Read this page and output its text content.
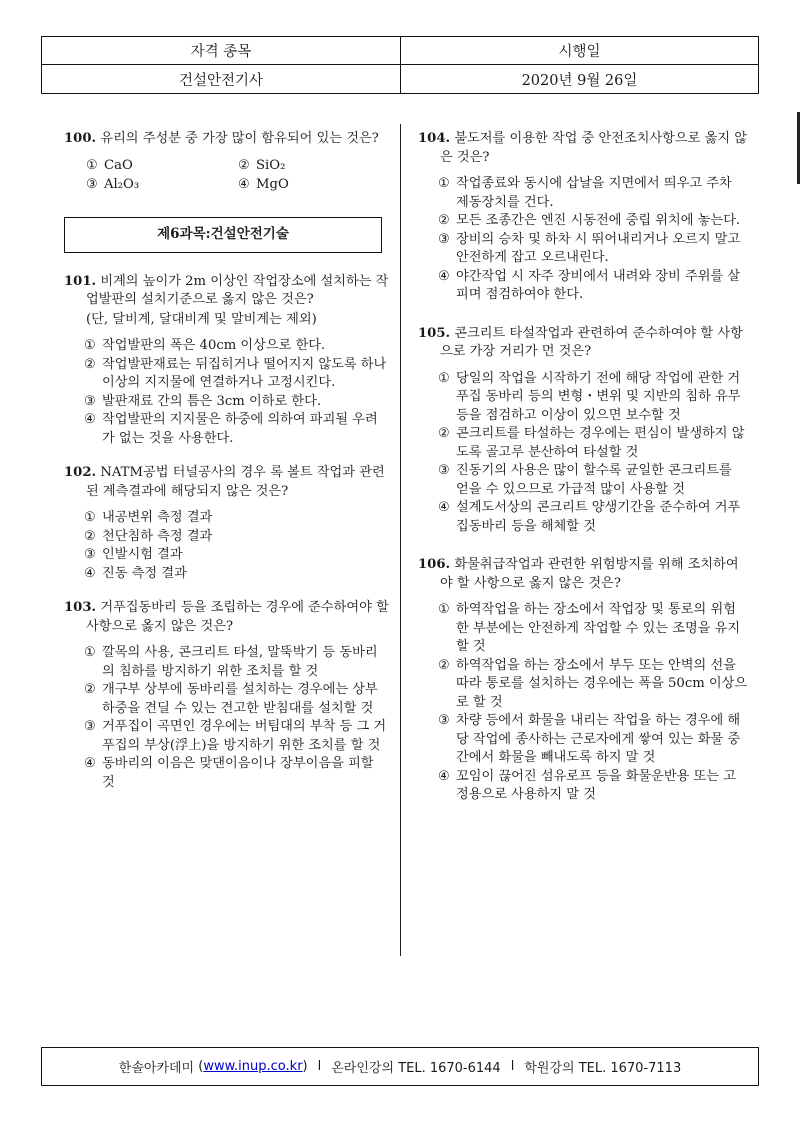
자격 종목	시행일
건설안전기사	2020년 9월 26일
100. 유리의 주성분 중 가장 많이 함유되어 있는 것은?
① CaO	② SiO₂
③ Al₂O₃	④ MgO
제6과목:건설안전기술
101. 비계의 높이가 2m 이상인 작업장소에 설치하는 작업발판의 설치기준으로 옳지 않은 것은?
(단, 달비계, 달대비계 및 말비계는 제외)
① 작업발판의 폭은 40cm 이상으로 한다.
② 작업발판재료는 뒤집히거나 떨어지지 않도록 하나 이상의 지지물에 연결하거나 고정시킨다.
③ 발판재료 간의 틈은 3cm 이하로 한다.
④ 작업발판의 지지물은 하중에 의하여 파괴될 우려가 없는 것을 사용한다.
102. NATM공법 터널공사의 경우 록 볼트 작업과 관련된 계측결과에 해당되지 않은 것은?
① 내공변위 측정 결과
② 천단침하 측정 결과
③ 인발시험 결과
④ 진동 측정 결과
103. 거푸집동바리 등을 조립하는 경우에 준수하여야 할 사항으로 옳지 않은 것은?
① 깔목의 사용, 콘크리트 타설, 말뚝박기 등 동바리의 침하를 방지하기 위한 조치를 할 것
② 개구부 상부에 동바리를 설치하는 경우에는 상부하중을 견딜 수 있는 견고한 받침대를 설치할 것
③ 거푸집이 곡면인 경우에는 버팀대의 부착 등 그 거푸집의 부상(浮上)을 방지하기 위한 조치를 할 것
④ 동바리의 이음은 맞댄이음이나 장부이음을 피할 것
104. 불도저를 이용한 작업 중 안전조치사항으로 옳지 않은 것은?
① 작업종료와 동시에 삽날을 지면에서 띄우고 주차 제동장치를 건다.
② 모든 조종간은 엔진 시동전에 중립 위치에 놓는다.
③ 장비의 승차 및 하차 시 뛰어내리거나 오르지 말고 안전하게 잡고 오르내린다.
④ 야간작업 시 자주 장비에서 내려와 장비 주위를 살피며 점검하여야 한다.
105. 콘크리트 타설작업과 관련하여 준수하여야 할 사항으로 가장 거리가 먼 것은?
① 당일의 작업을 시작하기 전에 해당 작업에 관한 거푸집 동바리 등의 변형・변위 및 지반의 침하 유무 등을 점검하고 이상이 있으면 보수할 것
② 콘크리트를 타설하는 경우에는 편심이 발생하지 않도록 골고루 분산하여 타설할 것
③ 진동기의 사용은 많이 할수록 균일한 콘크리트를 얻을 수 있으므로 가급적 많이 사용할 것
④ 설계도서상의 콘크리트 양생기간을 준수하여 거푸집동바리 등을 해체할 것
106. 화물취급작업과 관련한 위험방지를 위해 조치하여야 할 사항으로 옳지 않은 것은?
① 하역작업을 하는 장소에서 작업장 및 통로의 위험한 부분에는 안전하게 작업할 수 있는 조명을 유지할 것
② 하역작업을 하는 장소에서 부두 또는 안벽의 선을 따라 통로를 설치하는 경우에는 폭을 50cm 이상으로 할 것
③ 차량 등에서 화물을 내리는 작업을 하는 경우에 해당 작업에 종사하는 근로자에게 쌓여 있는 화물 중간에서 화물을 빼내도록 하지 말 것
④ 꼬임이 끊어진 섬유로프 등을 화물운반용 또는 고정용으로 사용하지 말 것
한솔아카데미 ( www.inup.co.kr ) l 온라인강의 TEL. 1670-6144 l 학원강의 TEL. 1670-7113
